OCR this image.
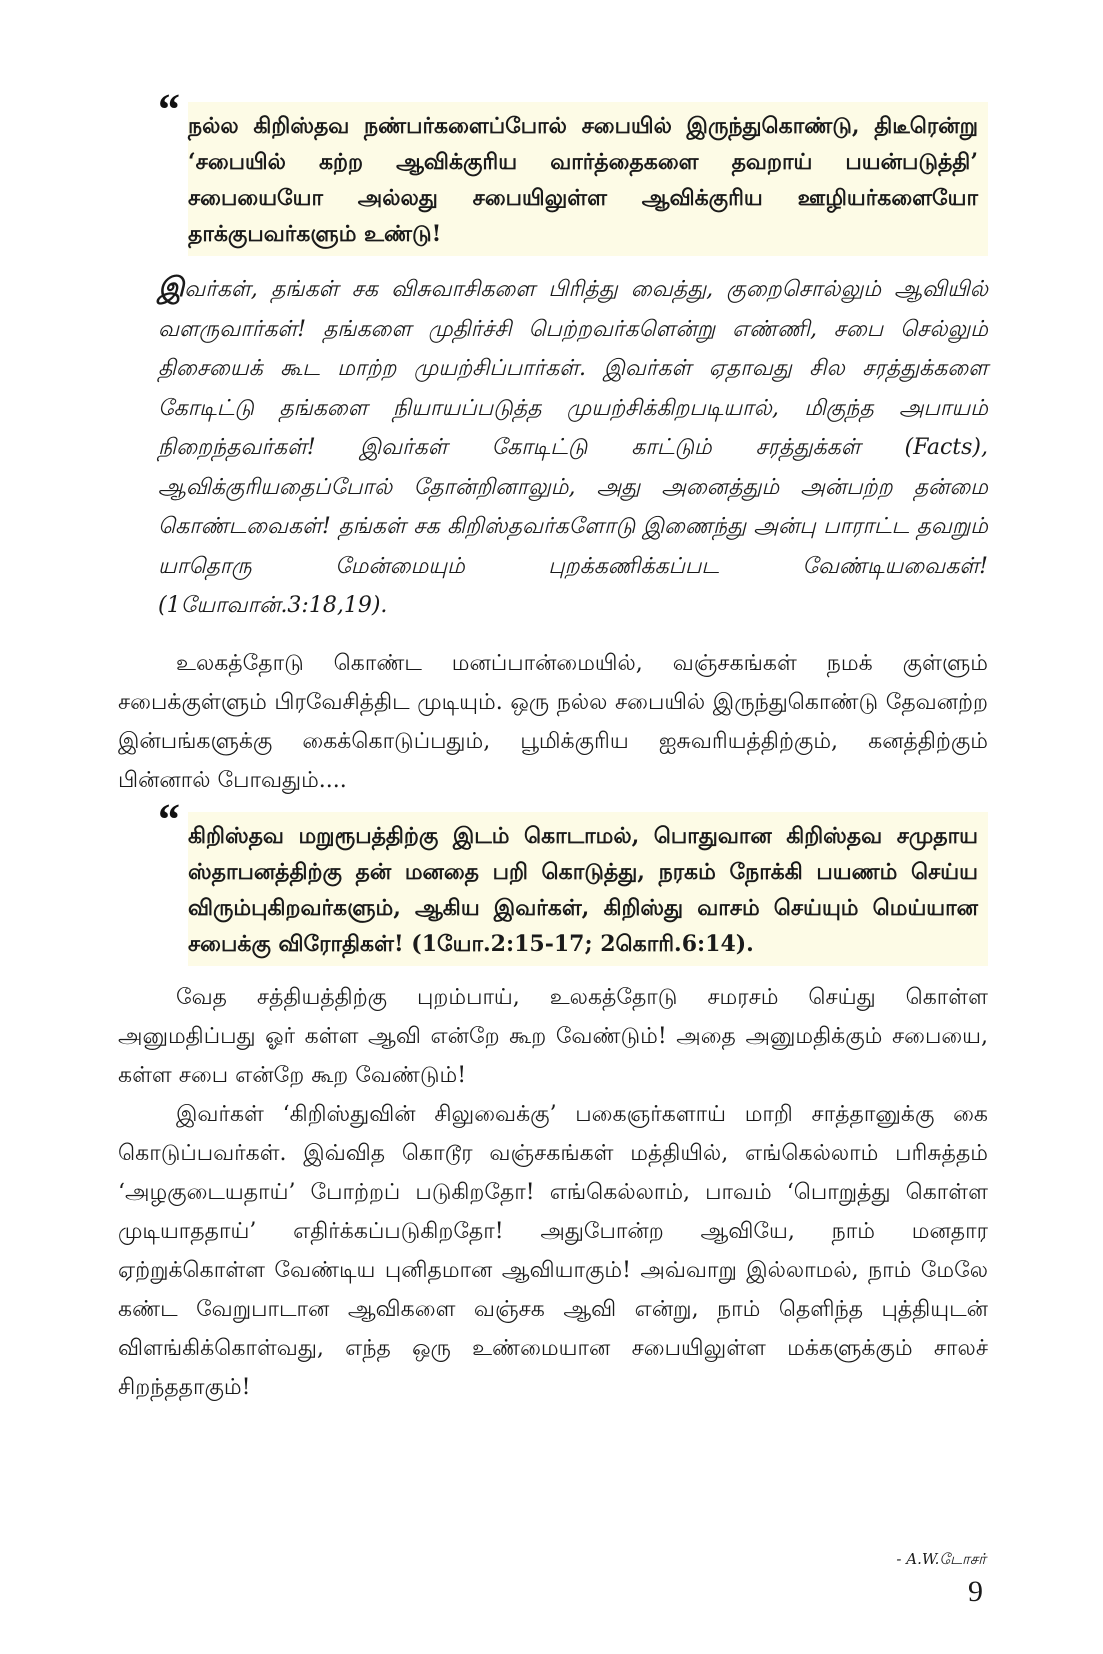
“ நல்ல கிறிஸ்தவ நண்பர்களைப்போல் சபையில் இருந்துகொண்டு, திடீரென்று ‘சபையில் கற்ற ஆவிக்குரிய வார்த்தைகளை தவறாய் பயன்படுத்தி’ சபையையோ அல்லது சபையிலுள்ள ஆவிக்குரிய ஊழியர்களையோ தாக்குபவர்களும் உண்டு!

இவர்கள், தங்கள் சக விசுவாசிகளை பிரித்து வைத்து, குறைசொல்லும் ஆவியில் வளருவார்கள்! தங்களை முதிர்ச்சி பெற்றவர்களென்று எண்ணி, சபை செல்லும் திசையைக் கூட மாற்ற முயற்சிப்பார்கள். இவர்கள் ஏதாவது சில சரத்துக்களை கோடிட்டு தங்களை நியாயப்படுத்த முயற்சிக்கிறபடியால், மிகுந்த அபாயம் நிறைந்தவர்கள்! இவர்கள் கோடிட்டு காட்டும் சரத்துக்கள் (Facts), ஆவிக்குரியதைப்போல் தோன்றினாலும், அது அனைத்தும் அன்பற்ற தன்மை கொண்டவைகள்! தங்கள் சக கிறிஸ்தவர்களோடு இணைந்து அன்பு பாராட்ட தவறும் யாதொரு மேன்மையும் புறக்கணிக்கப்பட வேண்டியவைகள்! (1யோவான்.3:18,19).

உலகத்தோடு கொண்ட மனப்பான்மையில், வஞ்சகங்கள் நமக் குள்ளும் சபைக்குள்ளும் பிரவேசித்திட முடியும். ஒரு நல்ல சபையில் இருந்துகொண்டு தேவனற்ற இன்பங்களுக்கு கைக்கொடுப்பதும், பூமிக்குரிய ஐசுவரியத்திற்கும், கனத்திற்கும் பின்னால் போவதும்....

“ கிறிஸ்தவ மறுரூபத்திற்கு இடம் கொடாமல், பொதுவான கிறிஸ்தவ சமுதாய ஸ்தாபனத்திற்கு தன் மனதை பறி கொடுத்து, நரகம் நோக்கி பயணம் செய்ய விரும்புகிறவர்களும், ஆகிய இவர்கள், கிறிஸ்து வாசம் செய்யும் மெய்யான சபைக்கு விரோதிகள்! (1யோ.2:15-17; 2கொரி.6:14).

வேத சத்தியத்திற்கு புறம்பாய், உலகத்தோடு சமரசம் செய்து கொள்ள அனுமதிப்பது ஓர் கள்ள ஆவி என்றே கூற வேண்டும்! அதை அனுமதிக்கும் சபையை, கள்ள சபை என்றே கூற வேண்டும்!

இவர்கள் ‘கிறிஸ்துவின் சிலுவைக்கு’ பகைஞர்களாய் மாறி சாத்தானுக்கு கை கொடுப்பவர்கள். இவ்வித கொடூர வஞ்சகங்கள் மத்தியில், எங்கெல்லாம் பரிசுத்தம் ‘அழகுடையதாய்’ போற்றப் படுகிறதோ! எங்கெல்லாம், பாவம் ‘பொறுத்து கொள்ள முடியாததாய்’ எதிர்க்கப்படுகிறதோ! அதுபோன்ற ஆவியே, நாம் மனதார ஏற்றுக்கொள்ள வேண்டிய புனிதமான ஆவியாகும்! அவ்வாறு இல்லாமல், நாம் மேலே கண்ட வேறுபாடான ஆவிகளை வஞ்சக ஆவி என்று, நாம் தெளிந்த புத்தியுடன் விளங்கிக்கொள்வது, எந்த ஒரு உண்மையான சபையிலுள்ள மக்களுக்கும் சாலச் சிறந்ததாகும்!

- A.W.டோசர்
9
